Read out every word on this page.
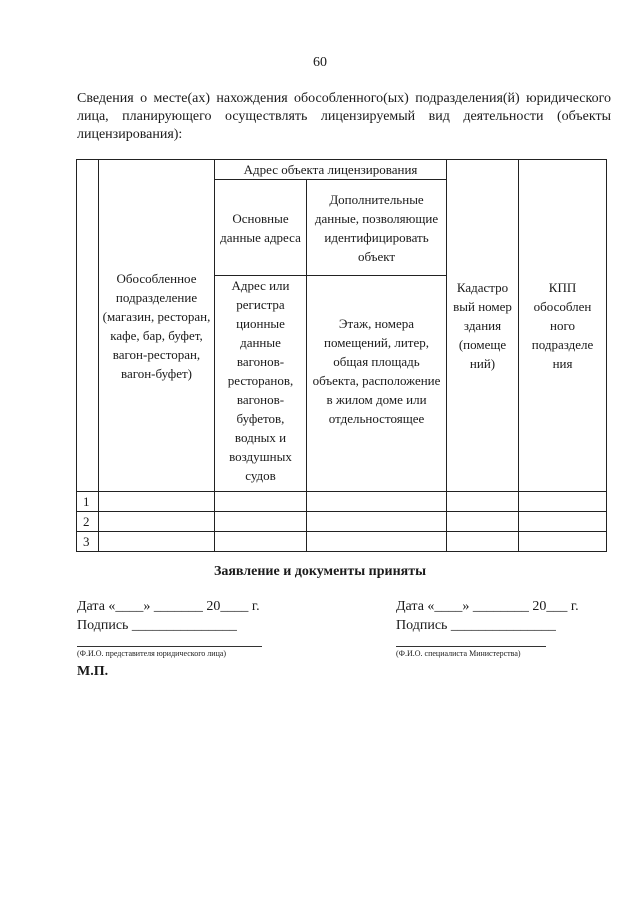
60
Сведения о месте(ах) нахождения обособленного(ых) подразделения(й) юридического лица, планирующего осуществлять лицензируемый вид деятельности (объекты лицензирования):
	Обособленное подразделение (магазин, ресторан, кафе, бар, буфет, вагон-ресторан, вагон-буфет)	Адрес объекта лицензирования		Кадастро вый номер здания (помеще ний)	КПП обособлен ного подразделе ния
		Основные данные адреса	Дополнительные данные, позволяющие идентифицировать объект		
		Адрес или регистра ционные данные вагонов-ресторанов, вагонов-буфетов, водных и воздушных судов	Этаж, номера помещений, литер, общая площадь объекта, расположение в жилом доме или отдельностоящее		
1					
2					
3					
Заявление и документы приняты
Дата «____» _______ 20____ г.
Подпись _______________
(Ф.И.О. представителя юридического лица)
Дата «____» ________ 20___ г.
Подпись _______________
(Ф.И.О. специалиста Министерства)
М.П.
